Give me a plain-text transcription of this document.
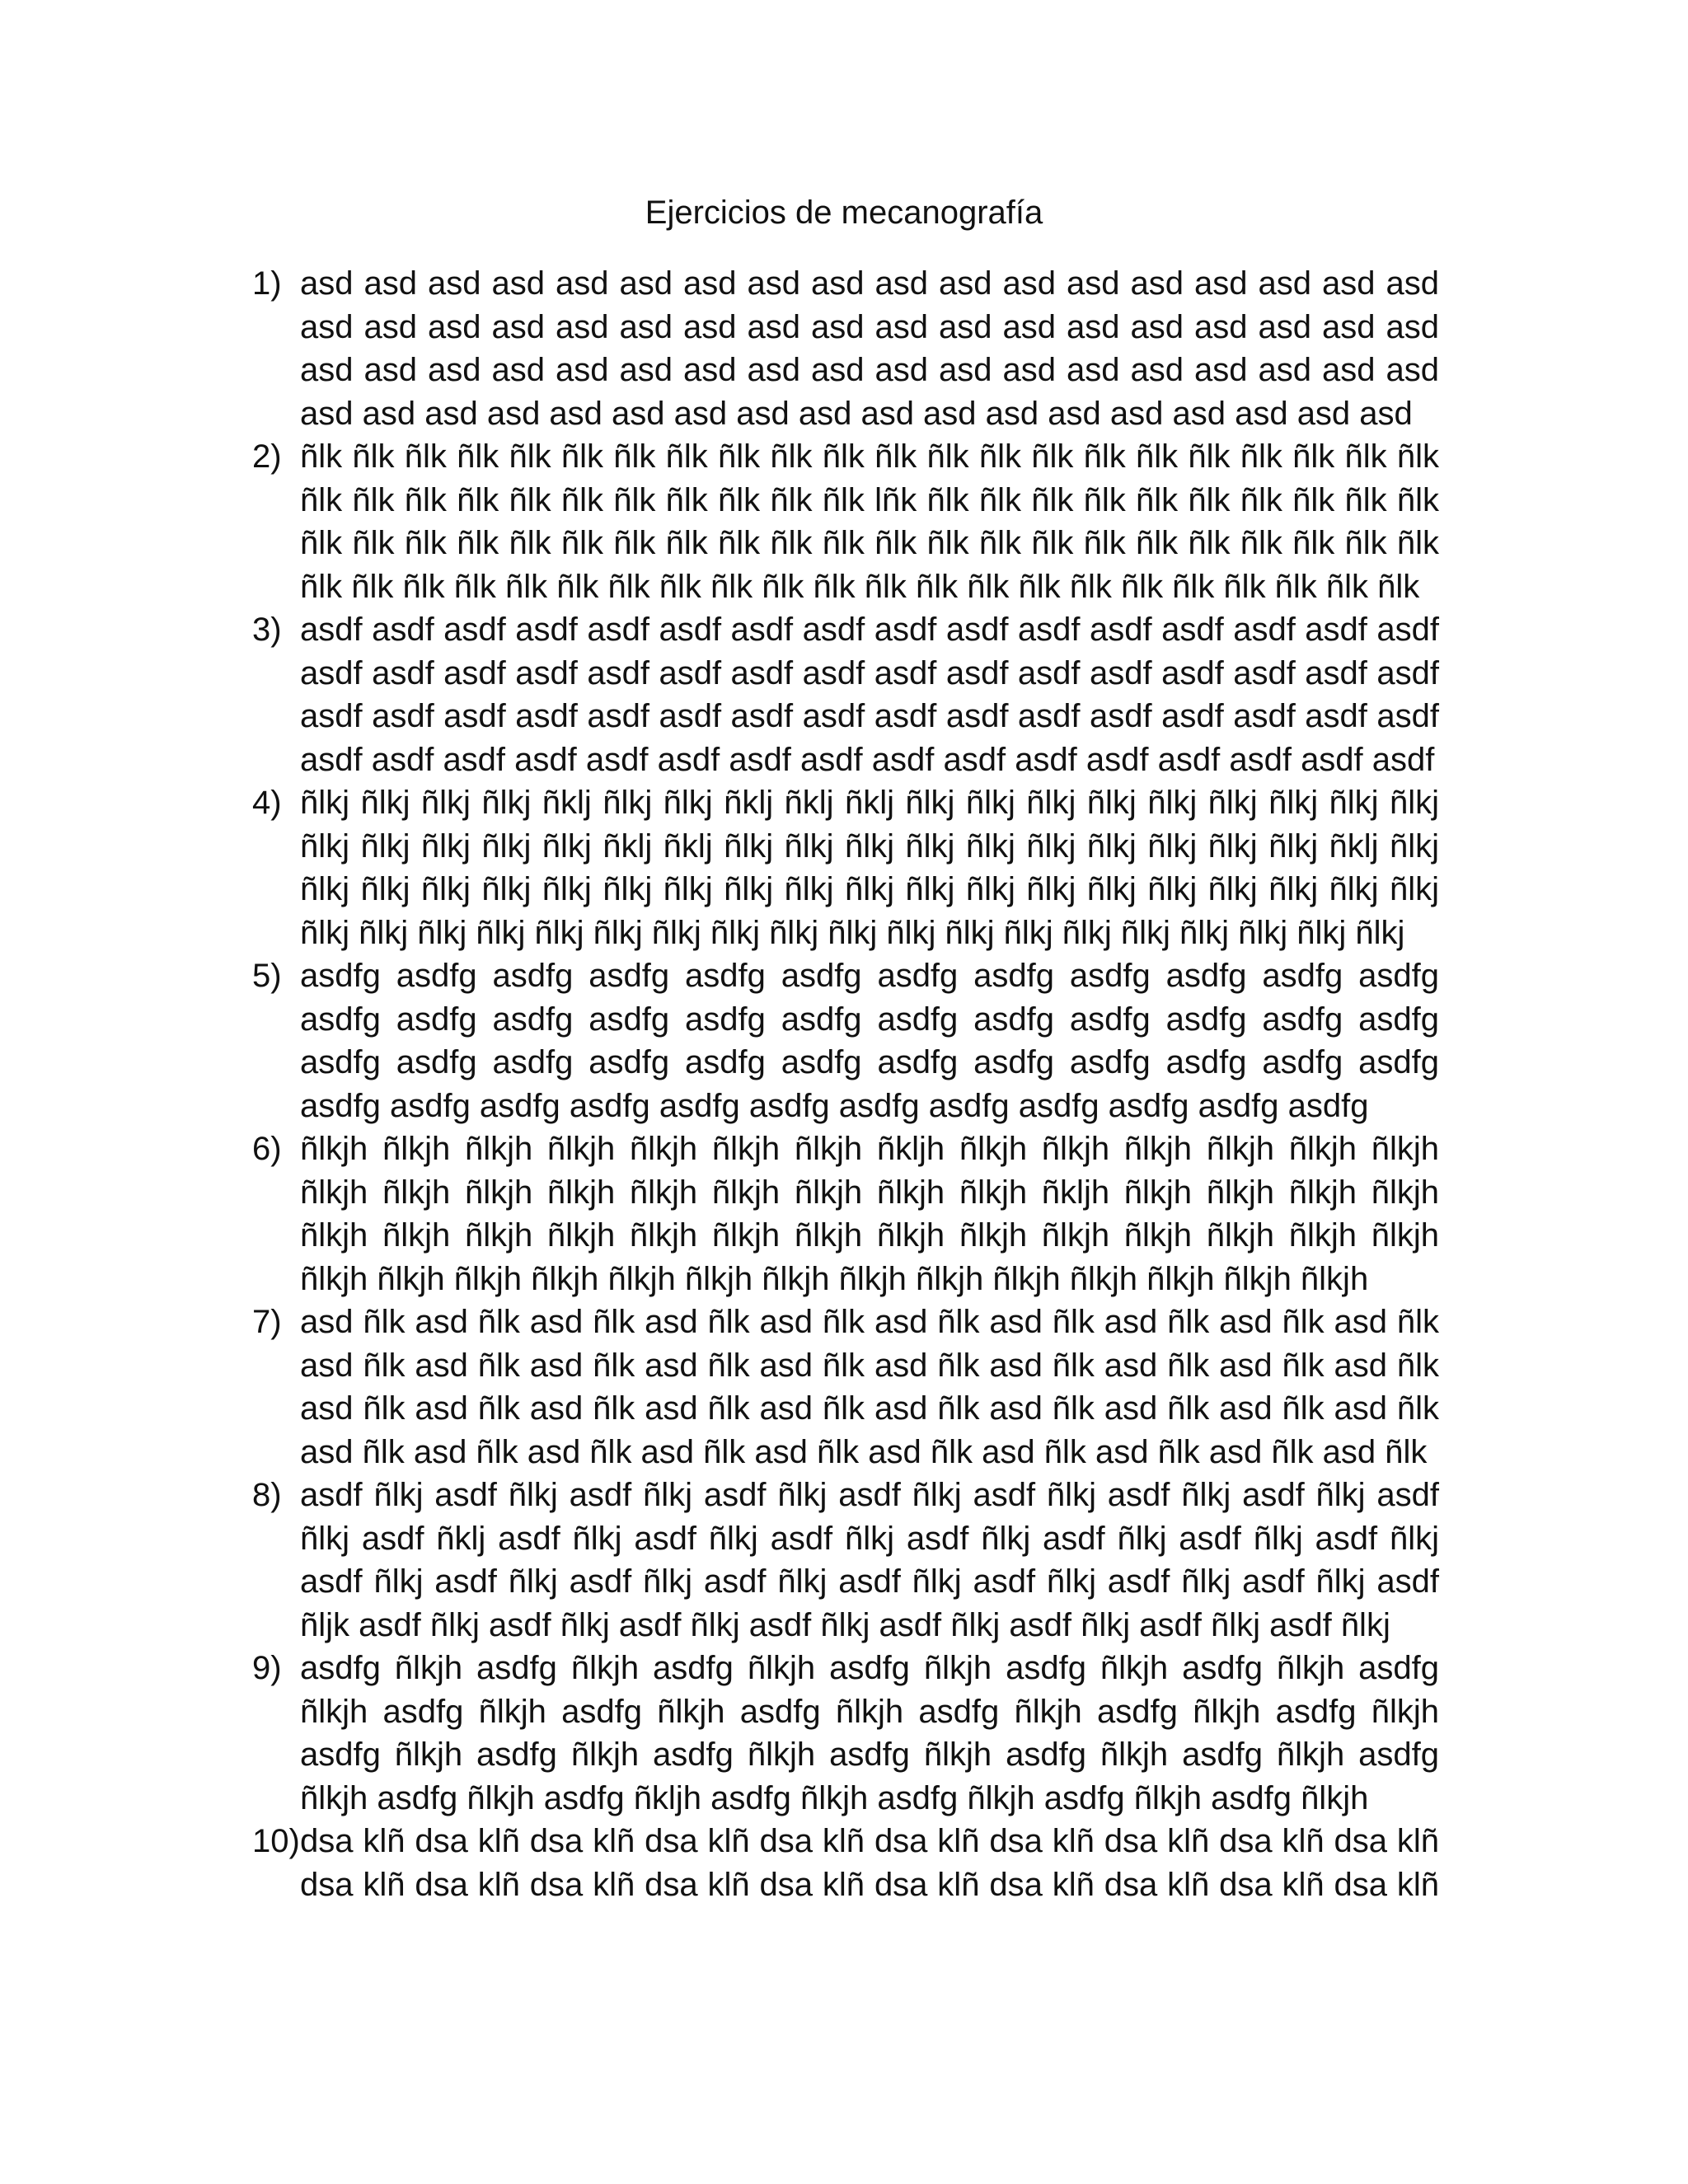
Ejercicios de mecanografía
1) asd asd asd asd asd asd asd asd asd asd asd asd asd asd asd asd asd asd
asd asd asd asd asd asd asd asd asd asd asd asd asd asd asd asd asd asd
asd asd asd asd asd asd asd asd asd asd asd asd asd asd asd asd asd asd
asd asd asd asd asd asd asd asd asd asd asd asd asd asd asd asd asd asd
2) ñlk ñlk ñlk ñlk ñlk ñlk ñlk ñlk ñlk ñlk ñlk ñlk ñlk ñlk ñlk ñlk ñlk ñlk ñlk ñlk ñlk ñlk
ñlk ñlk ñlk ñlk ñlk ñlk ñlk ñlk ñlk ñlk ñlk lñk ñlk ñlk ñlk ñlk ñlk ñlk ñlk ñlk ñlk ñlk
ñlk ñlk ñlk ñlk ñlk ñlk ñlk ñlk ñlk ñlk ñlk ñlk ñlk ñlk ñlk ñlk ñlk ñlk ñlk ñlk ñlk ñlk
ñlk ñlk ñlk ñlk ñlk ñlk ñlk ñlk ñlk ñlk ñlk ñlk ñlk ñlk ñlk ñlk ñlk ñlk ñlk ñlk ñlk ñlk
3) asdf asdf asdf asdf asdf asdf asdf asdf asdf asdf asdf asdf asdf asdf asdf asdf
asdf asdf asdf asdf asdf asdf asdf asdf asdf asdf asdf asdf asdf asdf asdf asdf
asdf asdf asdf asdf asdf asdf asdf asdf asdf asdf asdf asdf asdf asdf asdf asdf
asdf asdf asdf asdf asdf asdf asdf asdf asdf asdf asdf asdf asdf asdf asdf asdf
4) ñlkj ñlkj ñlkj ñlkj ñklj ñlkj ñlkj ñklj ñklj ñklj ñlkj ñlkj ñlkj ñlkj ñlkj ñlkj ñlkj ñlkj ñlkj
ñlkj ñlkj ñlkj ñlkj ñlkj ñklj ñklj ñlkj ñlkj ñlkj ñlkj ñlkj ñlkj ñlkj ñlkj ñlkj ñlkj ñklj ñlkj
ñlkj ñlkj ñlkj ñlkj ñlkj ñlkj ñlkj ñlkj ñlkj ñlkj ñlkj ñlkj ñlkj ñlkj ñlkj ñlkj ñlkj ñlkj ñlkj
ñlkj ñlkj ñlkj ñlkj ñlkj ñlkj ñlkj ñlkj ñlkj ñlkj ñlkj ñlkj ñlkj ñlkj ñlkj ñlkj ñlkj ñlkj ñlkj
5) asdfg asdfg asdfg asdfg asdfg asdfg asdfg asdfg asdfg asdfg asdfg asdfg
asdfg asdfg asdfg asdfg asdfg asdfg asdfg asdfg asdfg asdfg asdfg asdfg
asdfg asdfg asdfg asdfg asdfg asdfg asdfg asdfg asdfg asdfg asdfg asdfg
asdfg asdfg asdfg asdfg asdfg asdfg asdfg asdfg asdfg asdfg asdfg asdfg
6) ñlkjh ñlkjh ñlkjh ñlkjh ñlkjh ñlkjh ñlkjh ñkljh ñlkjh ñlkjh ñlkjh ñlkjh ñlkjh ñlkjh
ñlkjh ñlkjh ñlkjh ñlkjh ñlkjh ñlkjh ñlkjh ñlkjh ñlkjh ñkljh ñlkjh ñlkjh ñlkjh ñlkjh
ñlkjh ñlkjh ñlkjh ñlkjh ñlkjh ñlkjh ñlkjh ñlkjh ñlkjh ñlkjh ñlkjh ñlkjh ñlkjh ñlkjh
ñlkjh ñlkjh ñlkjh ñlkjh ñlkjh ñlkjh ñlkjh ñlkjh ñlkjh ñlkjh ñlkjh ñlkjh ñlkjh ñlkjh
7) asd ñlk asd ñlk asd ñlk asd ñlk asd ñlk asd ñlk asd ñlk asd ñlk asd ñlk asd ñlk
asd ñlk asd ñlk asd ñlk asd ñlk asd ñlk asd ñlk asd ñlk asd ñlk asd ñlk asd ñlk
asd ñlk asd ñlk asd ñlk asd ñlk asd ñlk asd ñlk asd ñlk asd ñlk asd ñlk asd ñlk
asd ñlk asd ñlk asd ñlk asd ñlk asd ñlk asd ñlk asd ñlk asd ñlk asd ñlk asd ñlk
8) asdf ñlkj asdf ñlkj asdf ñlkj asdf ñlkj asdf ñlkj asdf ñlkj asdf ñlkj asdf ñlkj asdf
ñlkj asdf ñklj asdf ñlkj asdf ñlkj asdf ñlkj asdf ñlkj asdf ñlkj asdf ñlkj asdf ñlkj
asdf ñlkj asdf ñlkj asdf ñlkj asdf ñlkj asdf ñlkj asdf ñlkj asdf ñlkj asdf ñlkj asdf
ñljk asdf ñlkj asdf ñlkj asdf ñlkj asdf ñlkj asdf ñlkj asdf ñlkj asdf ñlkj asdf ñlkj
9) asdfg ñlkjh asdfg ñlkjh asdfg ñlkjh asdfg ñlkjh asdfg ñlkjh asdfg ñlkjh asdfg
ñlkjh asdfg ñlkjh asdfg ñlkjh asdfg ñlkjh asdfg ñlkjh asdfg ñlkjh asdfg ñlkjh
asdfg ñlkjh asdfg ñlkjh asdfg ñlkjh asdfg ñlkjh asdfg ñlkjh asdfg ñlkjh asdfg
ñlkjh asdfg ñlkjh asdfg ñkljh asdfg ñlkjh asdfg ñlkjh asdfg ñlkjh asdfg ñlkjh
10) dsa klñ dsa klñ dsa klñ dsa klñ dsa klñ dsa klñ dsa klñ dsa klñ dsa klñ dsa klñ
dsa klñ dsa klñ dsa klñ dsa klñ dsa klñ dsa klñ dsa klñ dsa klñ dsa klñ dsa klñ
